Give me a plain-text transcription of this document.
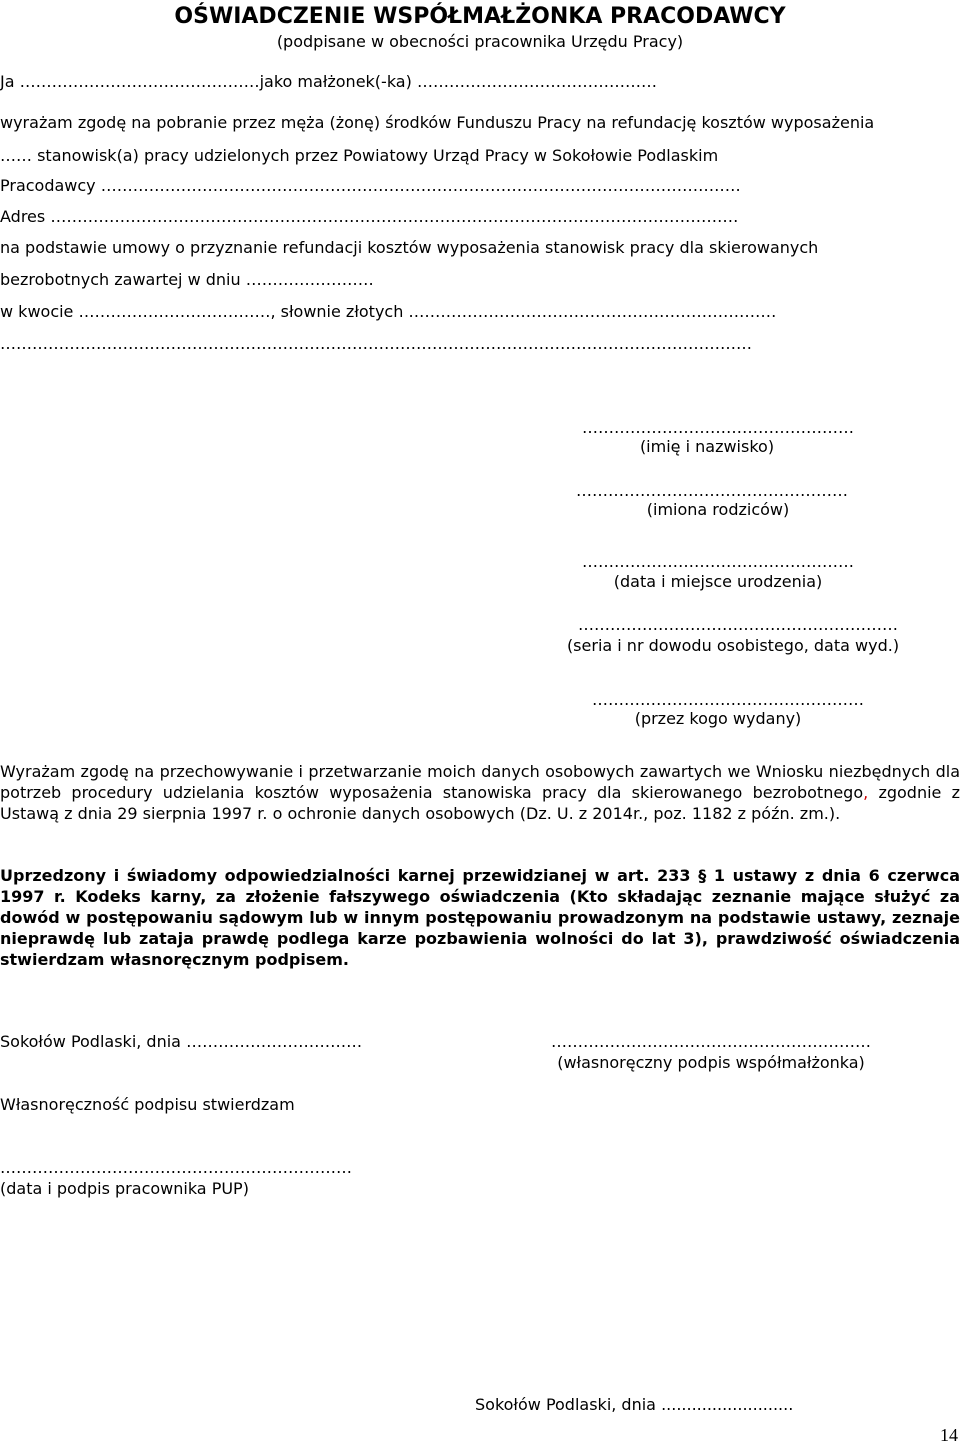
OŚWIADCZENIE WSPÓŁMAŁŻONKA PRACODAWCY
(podpisane w obecności pracownika Urzędu Pracy)
Ja ………………………………………jako małżonek(-ka) ………………………………………
wyrażam zgodę na pobranie przez męża (żonę) środków Funduszu Pracy na refundację kosztów wyposażenia
…… stanowisk(a) pracy udzielonych przez Powiatowy Urząd Pracy w Sokołowie Podlaskim
Pracodawcy …………………………………………………………………………………………………………
Adres …………………………………………………………………………………………………………………
na podstawie umowy o przyznanie refundacji kosztów wyposażenia stanowisk pracy dla skierowanych
bezrobotnych zawartej w dniu ……………………
w kwocie ………………………………, słownie złotych ……………………………………………………………
……………………………………………………………………………………………………………………………
……………………………………………
(imię i nazwisko)
……………………………………………
(imiona rodziców)
……………………………………………
(data i miejsce urodzenia)
……………………………………………………
(seria i nr dowodu osobistego, data wyd.)
……………………………………………
(przez kogo wydany)
Wyrażam zgodę na przechowywanie i przetwarzanie moich danych osobowych zawartych we Wniosku niezbędnych dla potrzeb procedury udzielania kosztów wyposażenia stanowiska pracy dla skierowanego bezrobotnego, zgodnie z Ustawą z dnia 29 sierpnia 1997 r. o ochronie danych osobowych (Dz. U. z 2014r., poz. 1182 z późn. zm.).
Uprzedzony i świadomy odpowiedzialności karnej przewidzianej w art. 233 § 1 ustawy z dnia 6 czerwca 1997 r. Kodeks karny, za złożenie fałszywego oświadczenia (Kto składając zeznanie mające służyć za dowód w postępowaniu sądowym lub w innym postępowaniu prowadzonym na podstawie ustawy, zeznaje nieprawdę lub zataja prawdę podlega karze pozbawienia wolności do lat 3), prawdziwość oświadczenia stwierdzam własnoręcznym podpisem.
Sokołów Podlaski, dnia ……………………………	……………………………………………………
(własnoręczny podpis współmałżonka)
Własnoręczność podpisu stwierdzam
…………………………………………………………
(data i podpis pracownika PUP)
Sokołów Podlaski, dnia ..........................
14
